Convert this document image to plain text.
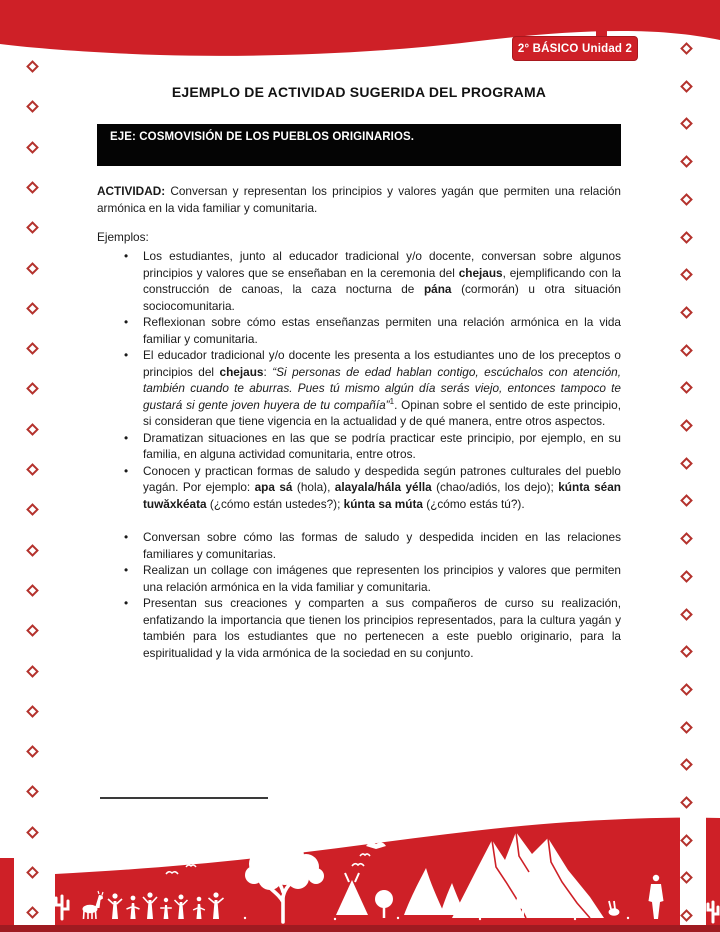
2° BÁSICO Unidad 2
EJEMPLO DE ACTIVIDAD SUGERIDA DEL PROGRAMA
EJE: COSMOVISIÓN DE LOS PUEBLOS ORIGINARIOS.

ACTIVIDAD: Conversan y representan los principios y valores yagán que permiten una relación armónica en la vida familiar y comunitaria.

Ejemplos:
• Los estudiantes, junto al educador tradicional y/o docente, conversan sobre algunos principios y valores que se enseñaban en la ceremonia del chejaus, ejemplificando con la construcción de canoas, la caza nocturna de pána (cormorán) u otra situación sociocomunitaria.
• Reflexionan sobre cómo estas enseñanzas permiten una relación armónica en la vida familiar y comunitaria.
• El educador tradicional y/o docente les presenta a los estudiantes uno de los preceptos o principios del chejaus: “Si personas de edad hablan contigo, escúchalos con atención, también cuando te aburras. Pues tú mismo algún día serás viejo, entonces tampoco te gustará si gente joven huyera de tu compañía”$^1$. Opinan sobre el sentido de este principio, si consideran que tiene vigencia en la actualidad y de qué manera, entre otros aspectos.
• Dramatizan situaciones en las que se podría practicar este principio, por ejemplo, en su familia, en alguna actividad comunitaria, entre otros.
• Conocen y practican formas de saludo y despedida según patrones culturales del pueblo yagán. Por ejemplo: apa sá (hola), alayala/hála yélla (chao/adiós, los dejo); kúnta séan tuwăxkéata (¿cómo están ustedes?); kúnta sa múta (¿cómo estás tú?).
• Conversan sobre cómo las formas de saludo y despedida inciden en las relaciones familiares y comunitarias.
• Realizan un collage con imágenes que representen los principios y valores que permiten una relación armónica en la vida familiar y comunitaria.
• Presentan sus creaciones y comparten a sus compañeros de curso su realización, enfatizando la importancia que tienen los principios representados, para la cultura yagán y también para los estudiantes que no pertenecen a este pueblo originario, para la espiritualidad y la vida armónica de la sociedad en su conjunto.
